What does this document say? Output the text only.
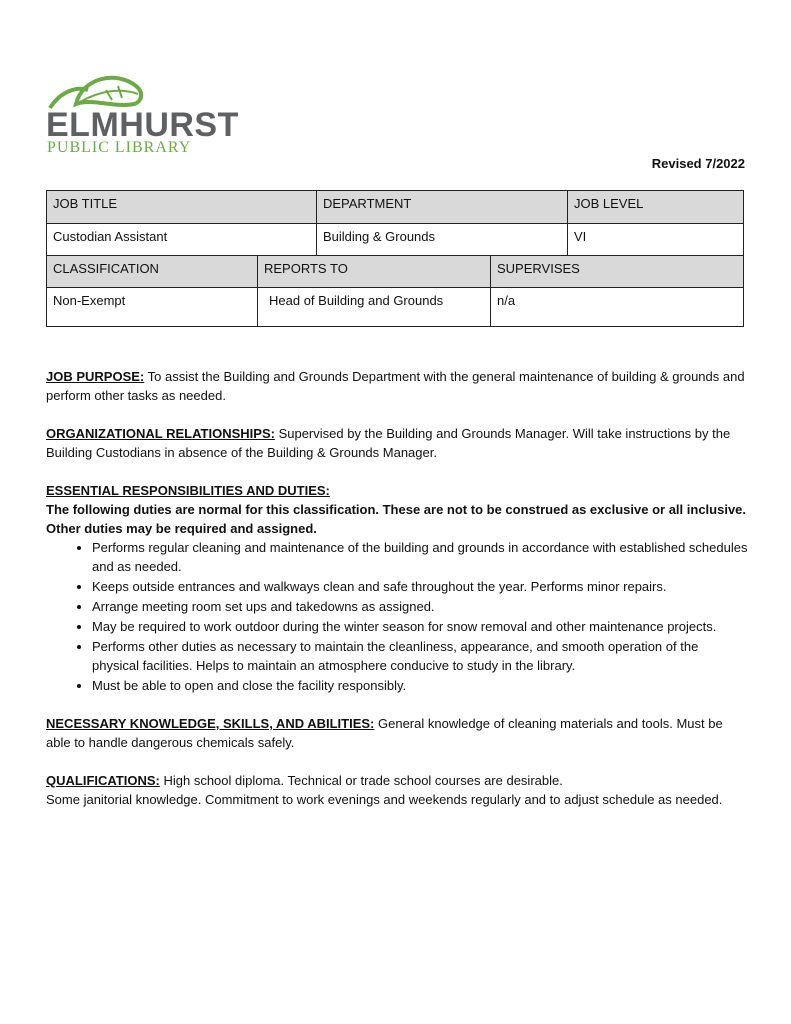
ELMHURST
PUBLIC LIBRARY
Revised 7/2022
JOB TITLE	DEPARTMENT	JOB LEVEL
Custodian Assistant	Building & Grounds	VI
CLASSIFICATION	REPORTS TO	SUPERVISES
Non-Exempt	Head of Building and Grounds	n/a

JOB PURPOSE: To assist the Building and Grounds Department with the general maintenance of building & grounds and perform other tasks as needed.

ORGANIZATIONAL RELATIONSHIPS: Supervised by the Building and Grounds Manager. Will take instructions by the Building Custodians in absence of the Building & Grounds Manager.

ESSENTIAL RESPONSIBILITIES AND DUTIES:
The following duties are normal for this classification. These are not to be construed as exclusive or all inclusive. Other duties may be required and assigned.
• Performs regular cleaning and maintenance of the building and grounds in accordance with established schedules and as needed.
• Keeps outside entrances and walkways clean and safe throughout the year. Performs minor repairs.
• Arrange meeting room set ups and takedowns as assigned.
• May be required to work outdoor during the winter season for snow removal and other maintenance projects.
• Performs other duties as necessary to maintain the cleanliness, appearance, and smooth operation of the physical facilities. Helps to maintain an atmosphere conducive to study in the library.
• Must be able to open and close the facility responsibly.

NECESSARY KNOWLEDGE, SKILLS, AND ABILITIES: General knowledge of cleaning materials and tools. Must be able to handle dangerous chemicals safely.

QUALIFICATIONS: High school diploma. Technical or trade school courses are desirable.
Some janitorial knowledge. Commitment to work evenings and weekends regularly and to adjust schedule as needed.
